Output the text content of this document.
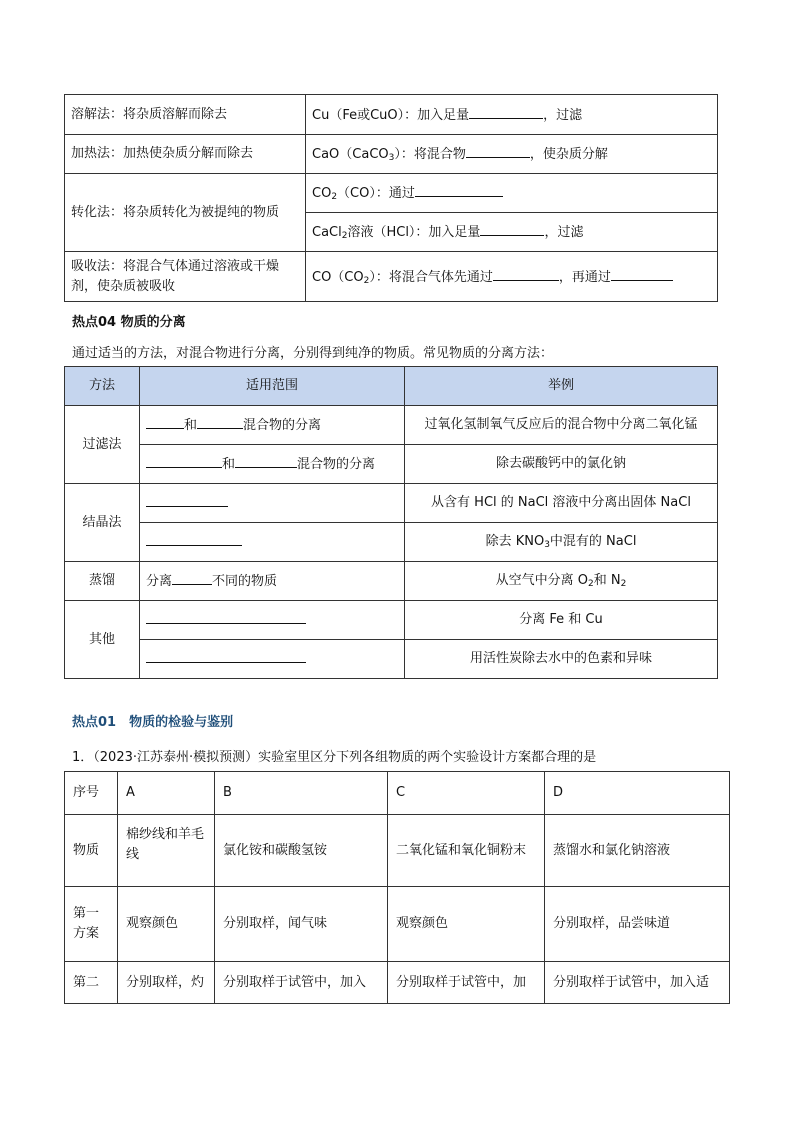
溶解法：将杂质溶解而除去	Cu（Fe或CuO）：加入足量 ，过滤
加热法：加热使杂质分解而除去	CaO（CaCO$_3$）：将混合物 ，使杂质分解
转化法：将杂质转化为被提纯的物质	$CO_2(CO)$：通过
	CaCl$_2$溶液（HCl）：加入足量 ，过滤
吸收法：将混合气体通过溶液或干燥剂，使杂质被吸收	$CO(CO_2)$：将混合气体先通过 ，再通过
热点04 物质的分离
通过适当的方法，对混合物进行分离，分别得到纯净的物质。常见物质的分离方法：
方法	适用范围	举例
过滤法	和 混合物的分离	过氧化氢制氧气反应后的混合物中分离二氧化锰
	和 混合物的分离	除去碳酸钙中的氯化钠
结晶法		从含有 HCl 的 NaCl 溶液中分离出固体 NaCl
		除去 $KNO_3$中混有的 NaCl
蒸馏	分离 不同的物质	从空气中分离 $O_2$和 $N_2$
其他		分离 Fe 和 Cu
		用活性炭除去水中的色素和异味
热点01　物质的检验与鉴别
1．（2023·江苏泰州·模拟预测）实验室里区分下列各组物质的两个实验设计方案都合理的是
序号	A	B	C	D
物质	棉纱线和羊毛线	氯化铵和碳酸氢铵	二氧化锰和氧化铜粉末	蒸馏水和氯化钠溶液
第一方案	观察颜色	分别取样，闻气味	观察颜色	分别取样，品尝味道
第二	分别取样，灼	分别取样于试管中，加入	分别取样于试管中，加	分别取样于试管中，加入适
